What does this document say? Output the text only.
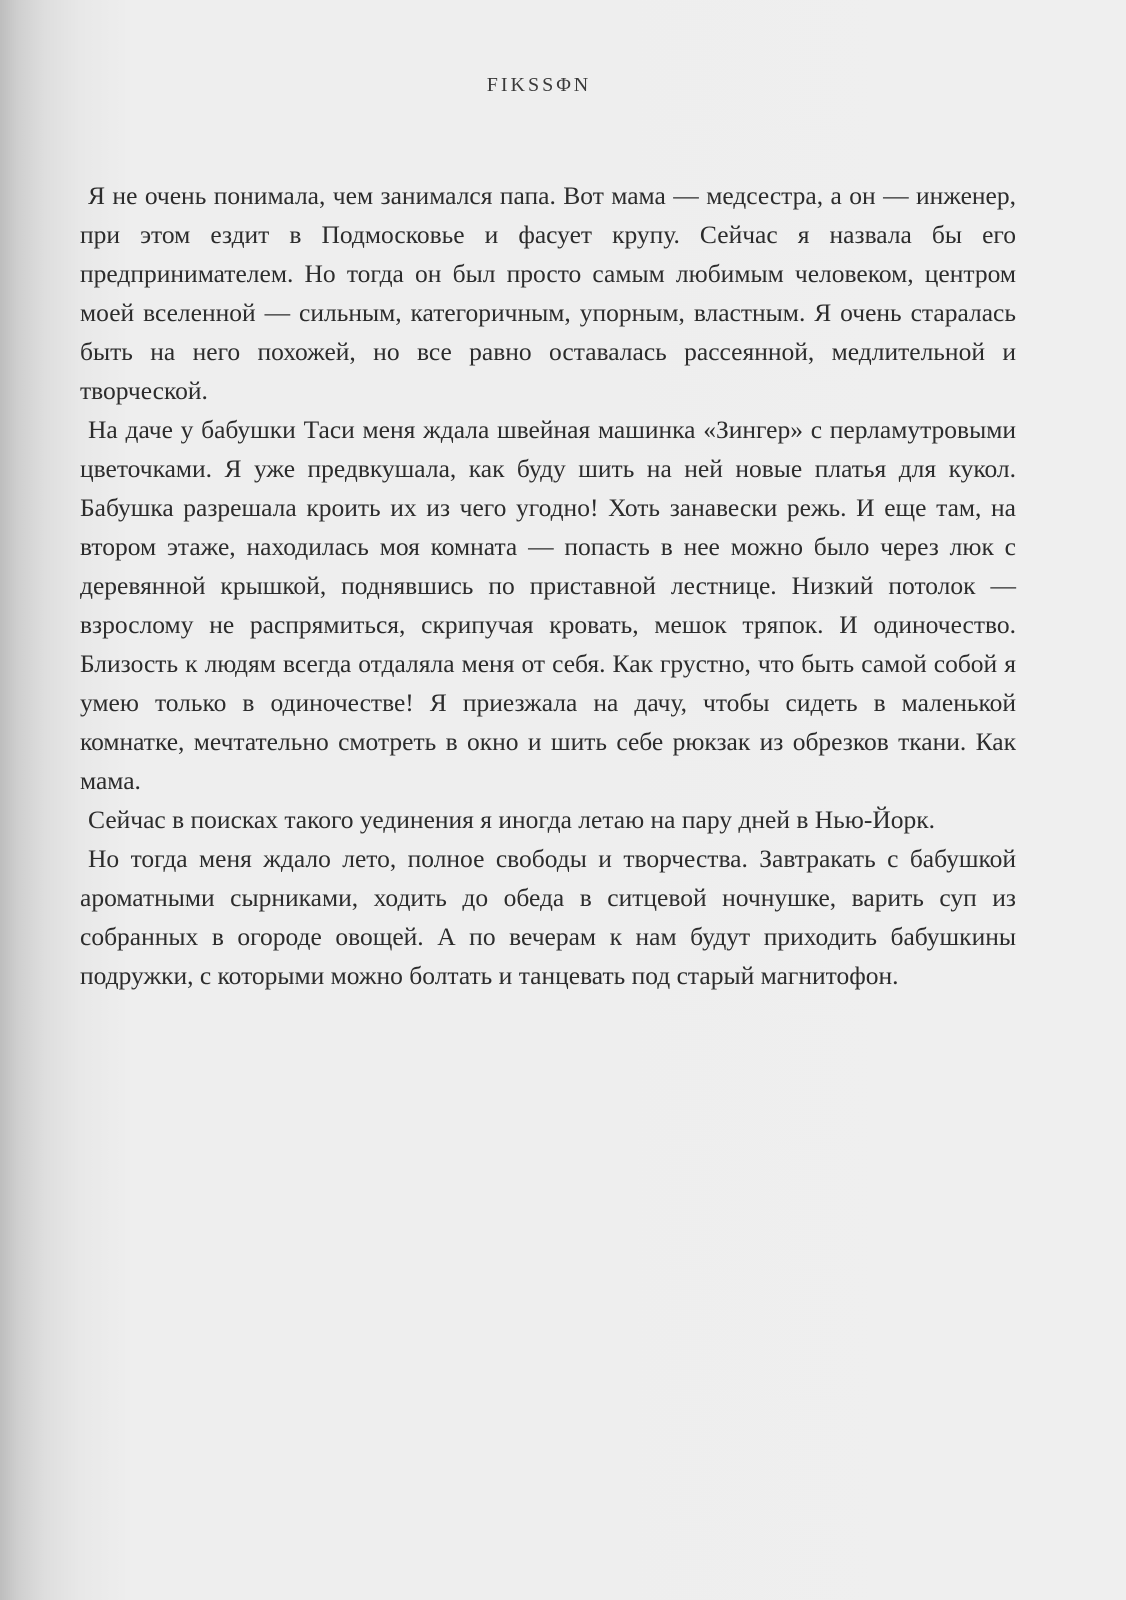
FIKSSΦN

Я не очень понимала, чем занимался папа. Вот мама — медсестра, а он — инженер, при этом ездит в Подмосковье и фасует крупу. Сейчас я назвала бы его предпринимателем. Но тогда он был просто самым любимым человеком, центром моей вселенной — сильным, категоричным, упорным, властным. Я очень старалась быть на него похожей, но все равно оставалась рассеянной, медлительной и творческой.

На даче у бабушки Таси меня ждала швейная машинка «Зингер» с перламутровыми цветочками. Я уже предвкушала, как буду шить на ней новые платья для кукол. Бабушка разрешала кроить их из чего угодно! Хоть занавески режь. И еще там, на втором этаже, находилась моя комната — попасть в нее можно было через люк с деревянной крышкой, поднявшись по приставной лестнице. Низкий потолок — взрослому не распрямиться, скрипучая кровать, мешок тряпок. И одиночество. Близость к людям всегда отдаляла меня от себя. Как грустно, что быть самой собой я умею только в одиночестве! Я приезжала на дачу, чтобы сидеть в маленькой комнатке, мечтательно смотреть в окно и шить себе рюкзак из обрезков ткани. Как мама.

Сейчас в поисках такого уединения я иногда летаю на пару дней в Нью-Йорк.

Но тогда меня ждало лето, полное свободы и творчества. Завтракать с бабушкой ароматными сырниками, ходить до обеда в ситцевой ночнушке, варить суп из собранных в огороде овощей. А по вечерам к нам будут приходить бабушкины подружки, с которыми можно болтать и танцевать под старый магнитофон.
